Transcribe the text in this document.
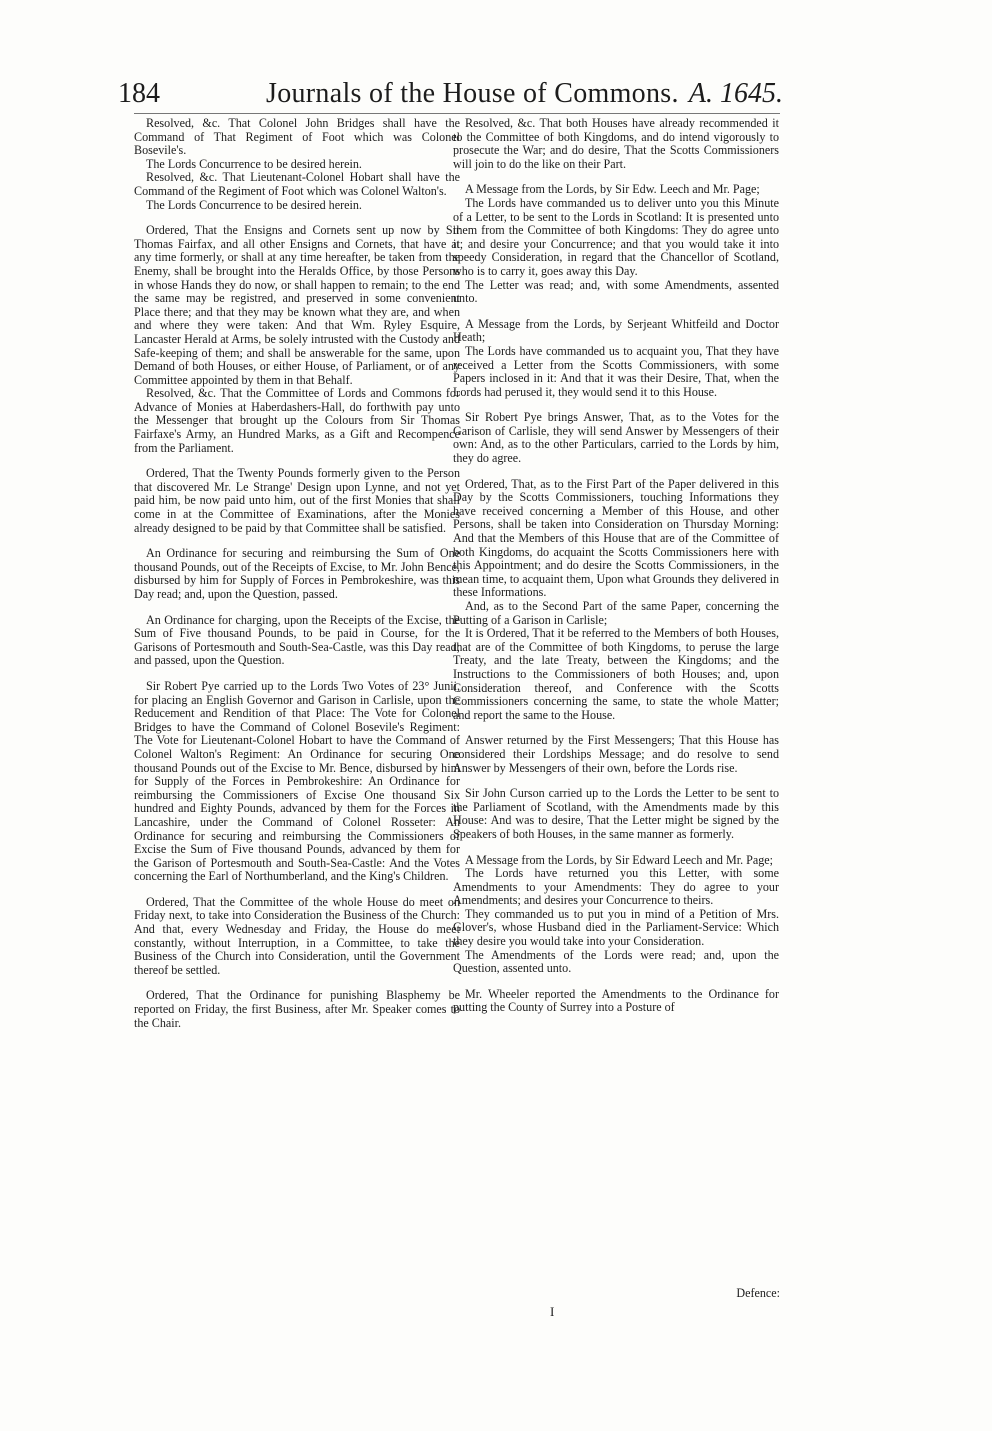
184	Journals of the House of Commons. A. 1645.

Resolved, &c. That Colonel John Bridges shall have the Command of That Regiment of Foot which was Colonel Bosevile's.

The Lords Concurrence to be desired herein.

Resolved, &c. That Lieutenant-Colonel Hobart shall have the Command of the Regiment of Foot which was Colonel Walton's.

The Lords Concurrence to be desired herein.

Ordered, That the Ensigns and Cornets sent up now by Sir Thomas Fairfax, and all other Ensigns and Cornets, that have at any time formerly, or shall at any time hereafter, be taken from the Enemy, shall be brought into the Heralds Office, by those Persons in whose Hands they do now, or shall happen to remain; to the end the same may be registred, and preserved in some convenient Place there; and that they may be known what they are, and when and where they were taken: And that Wm. Ryley Esquire, Lancaster Herald at Arms, be solely intrusted with the Custody and Safe-keeping of them; and shall be answerable for the same, upon Demand of both Houses, or either House, of Parliament, or of any Committee appointed by them in that Behalf.

Resolved, &c. That the Committee of Lords and Commons for Advance of Monies at Haberdashers-Hall, do forthwith pay unto the Messenger that brought up the Colours from Sir Thomas Fairfaxe's Army, an Hundred Marks, as a Gift and Recompence from the Parliament.

Ordered, That the Twenty Pounds formerly given to the Person that discovered Mr. Le Strange' Design upon Lynne, and not yet paid him, be now paid unto him, out of the first Monies that shall come in at the Committee of Examinations, after the Monies already designed to be paid by that Committee shall be satisfied.

An Ordinance for securing and reimbursing the Sum of One thousand Pounds, out of the Receipts of Excise, to Mr. John Bence, disbursed by him for Supply of Forces in Pembrokeshire, was this Day read; and, upon the Question, passed.

An Ordinance for charging, upon the Receipts of the Excise, the Sum of Five thousand Pounds, to be paid in Course, for the Garisons of Portesmouth and South-Sea-Castle, was this Day read; and passed, upon the Question.

Sir Robert Pye carried up to the Lords Two Votes of 23° Junii, for placing an English Governor and Garison in Carlisle, upon the Reducement and Rendition of that Place: The Vote for Colonel Bridges to have the Command of Colonel Bosevile's Regiment: The Vote for Lieutenant-Colonel Hobart to have the Command of Colonel Walton's Regiment: An Ordinance for securing One thousand Pounds out of the Excise to Mr. Bence, disbursed by him for Supply of the Forces in Pembrokeshire: An Ordinance for reimbursing the Commissioners of Excise One thousand Six hundred and Eighty Pounds, advanced by them for the Forces in Lancashire, under the Command of Colonel Rosseter: An Ordinance for securing and reimbursing the Commissioners of Excise the Sum of Five thousand Pounds, advanced by them for the Garison of Portesmouth and South-Sea-Castle: And the Votes concerning the Earl of Northumberland, and the King's Children.

Ordered, That the Committee of the whole House do meet on Friday next, to take into Consideration the Business of the Church: And that, every Wednesday and Friday, the House do meet constantly, without Interruption, in a Committee, to take the Business of the Church into Consideration, until the Government thereof be settled.

Ordered, That the Ordinance for punishing Blasphemy be reported on Friday, the first Business, after Mr. Speaker comes to the Chair.

Resolved, &c. That both Houses have already recommended it to the Committee of both Kingdoms, and do intend vigorously to prosecute the War; and do desire, That the Scotts Commissioners will join to do the like on their Part.

A Message from the Lords, by Sir Edw. Leech and Mr. Page;

The Lords have commanded us to deliver unto you this Minute of a Letter, to be sent to the Lords in Scotland: It is presented unto them from the Committee of both Kingdoms: They do agree unto it; and desire your Concurrence; and that you would take it into speedy Consideration, in regard that the Chancellor of Scotland, who is to carry it, goes away this Day.

The Letter was read; and, with some Amendments, assented unto.

A Message from the Lords, by Serjeant Whitfeild and Doctor Heath;

The Lords have commanded us to acquaint you, That they have received a Letter from the Scotts Commissioners, with some Papers inclosed in it: And that it was their Desire, That, when the Lords had perused it, they would send it to this House.

Sir Robert Pye brings Answer, That, as to the Votes for the Garison of Carlisle, they will send Answer by Messengers of their own: And, as to the other Particulars, carried to the Lords by him, they do agree.

Ordered, That, as to the First Part of the Paper delivered in this Day by the Scotts Commissioners, touching Informations they have received concerning a Member of this House, and other Persons, shall be taken into Consideration on Thursday Morning: And that the Members of this House that are of the Committee of both Kingdoms, do acquaint the Scotts Commissioners here with this Appointment; and do desire the Scotts Commissioners, in the mean time, to acquaint them, Upon what Grounds they delivered in these Informations.

And, as to the Second Part of the same Paper, concerning the Putting of a Garison in Carlisle;

It is Ordered, That it be referred to the Members of both Houses, that are of the Committee of both Kingdoms, to peruse the large Treaty, and the late Treaty, between the Kingdoms; and the Instructions to the Commissioners of both Houses; and, upon Consideration thereof, and Conference with the Scotts Commissioners concerning the same, to state the whole Matter; and report the same to the House.

Answer returned by the First Messengers; That this House has considered their Lordships Message; and do resolve to send Answer by Messengers of their own, before the Lords rise.

Sir John Curson carried up to the Lords the Letter to be sent to the Parliament of Scotland, with the Amendments made by this House: And was to desire, That the Letter might be signed by the Speakers of both Houses, in the same manner as formerly.

A Message from the Lords, by Sir Edward Leech and Mr. Page;

The Lords have returned you this Letter, with some Amendments to your Amendments: They do agree to your Amendments; and desires your Concurrence to theirs.

They commanded us to put you in mind of a Petition of Mrs. Glover's, whose Husband died in the Parliament-Service: Which they desire you would take into your Consideration.

The Amendments of the Lords were read; and, upon the Question, assented unto.

Mr. Wheeler reported the Amendments to the Ordinance for putting the County of Surrey into a Posture of

Defence:
I
